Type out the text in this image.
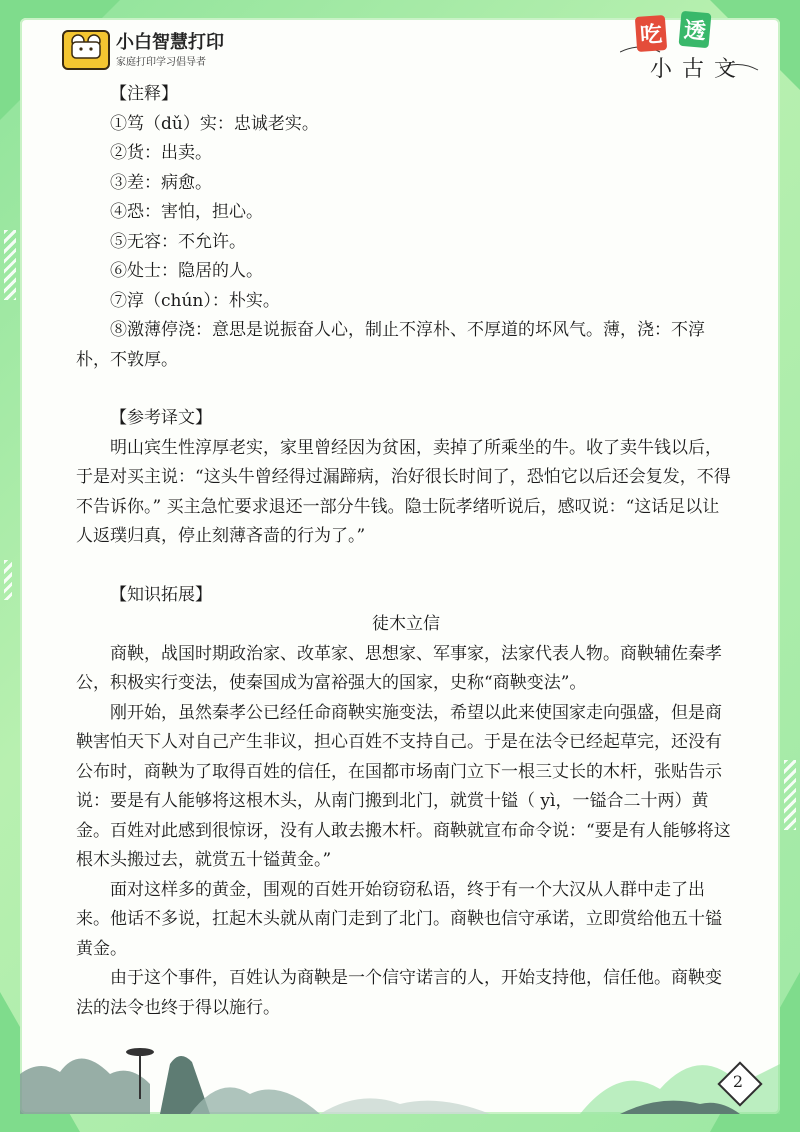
小白智慧打印
家庭打印学习倡导者
吃 透
小古文

【注释】

①笃（dǔ）实：忠诚老实。

②货：出卖。

③差：病愈。

④恐：害怕，担心。

⑤无容：不允许。

⑥处士：隐居的人。

⑦淳（chún）：朴实。

⑧激薄停浇：意思是说振奋人心，制止不淳朴、不厚道的坏风气。薄，浇：不淳朴，不敦厚。

【参考译文】

明山宾生性淳厚老实，家里曾经因为贫困，卖掉了所乘坐的牛。收了卖牛钱以后，于是对买主说：“这头牛曾经得过漏蹄病，治好很长时间了，恐怕它以后还会复发，不得不告诉你。” 买主急忙要求退还一部分牛钱。隐士阮孝绪听说后，感叹说：“这话足以让人返璞归真，停止刻薄吝啬的行为了。”

【知识拓展】

徒木立信

商鞅，战国时期政治家、改革家、思想家、军事家，法家代表人物。商鞅辅佐秦孝公，积极实行变法，使秦国成为富裕强大的国家，史称“商鞅变法”。

刚开始，虽然秦孝公已经任命商鞅实施变法，希望以此来使国家走向强盛，但是商鞅害怕天下人对自己产生非议，担心百姓不支持自己。于是在法令已经起草完，还没有公布时，商鞅为了取得百姓的信任，在国都市场南门立下一根三丈长的木杆，张贴告示说：要是有人能够将这根木头，从南门搬到北门，就赏十镒（ yì，一镒合二十两）黄金。百姓对此感到很惊讶，没有人敢去搬木杆。商鞅就宣布命令说：“要是有人能够将这根木头搬过去，就赏五十镒黄金。”

面对这样多的黄金，围观的百姓开始窃窃私语，终于有一个大汉从人群中走了出来。他话不多说，扛起木头就从南门走到了北门。商鞅也信守承诺，立即赏给他五十镒黄金。

由于这个事件，百姓认为商鞅是一个信守诺言的人，开始支持他，信任他。商鞅变法的法令也终于得以施行。

2
